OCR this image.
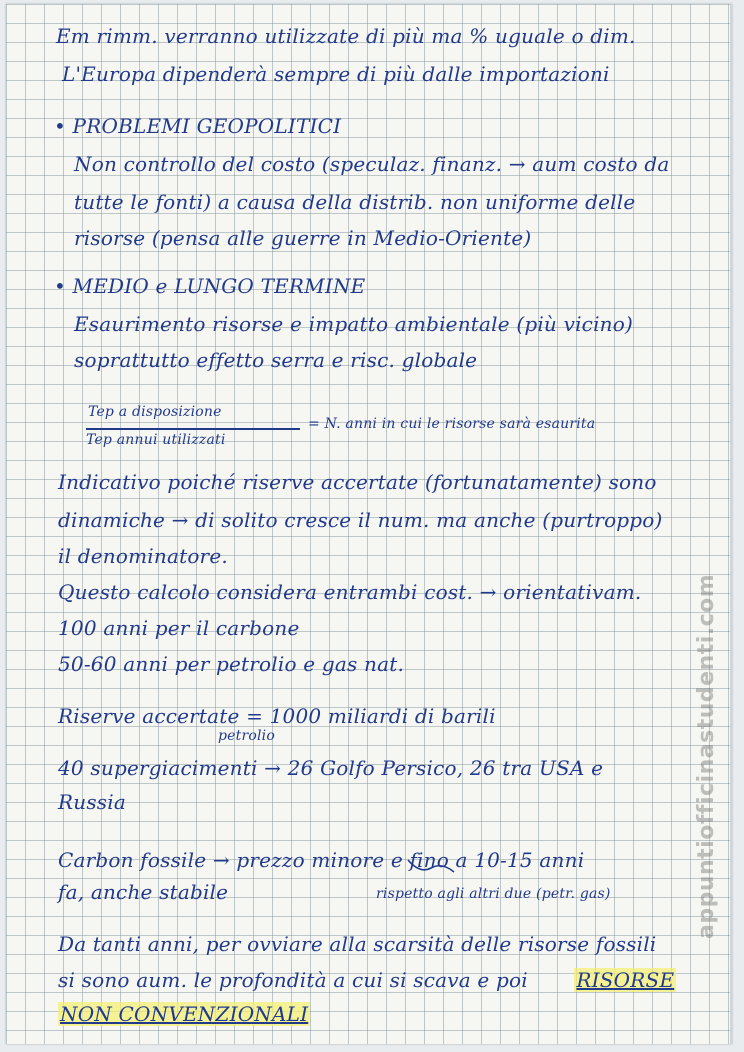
Em rimm. verranno utilizzate di più ma % uguale o dim.
L'Europa dipenderà sempre di più dalle importazioni
• PROBLEMI GEOPOLITICI
Non controllo del costo (speculaz. finanz. → aum costo da
tutte le fonti) a causa della distrib. non uniforme delle
risorse (pensa alle guerre in Medio-Oriente)
• MEDIO e LUNGO TERMINE
Esaurimento risorse e impatto ambientale (più vicino)
soprattutto effetto serra e risc. globale
Tep a disposizione
Tep annui utilizzati
= N. anni in cui le risorse sarà esaurita
Indicativo poiché riserve accertate (fortunatamente) sono
dinamiche → di solito cresce il num. ma anche (purtroppo)
il denominatore.
Questo calcolo considera entrambi cost. → orientativam.
100 anni per il carbone
50-60 anni per petrolio e gas nat.
Riserve accertate = 1000 miliardi di barili
petrolio
40 supergiacimenti → 26 Golfo Persico, 26 tra USA e
Russia
Carbon fossile → prezzo minore e fino a 10-15 anni
fa, anche stabile	rispetto agli altri due (petr. gas)
Da tanti anni, per ovviare alla scarsità delle risorse fossili
si sono aum. le profondità a cui si scava e poi RISORSE
NON CONVENZIONALI
appuntiofficinastudenti.com
